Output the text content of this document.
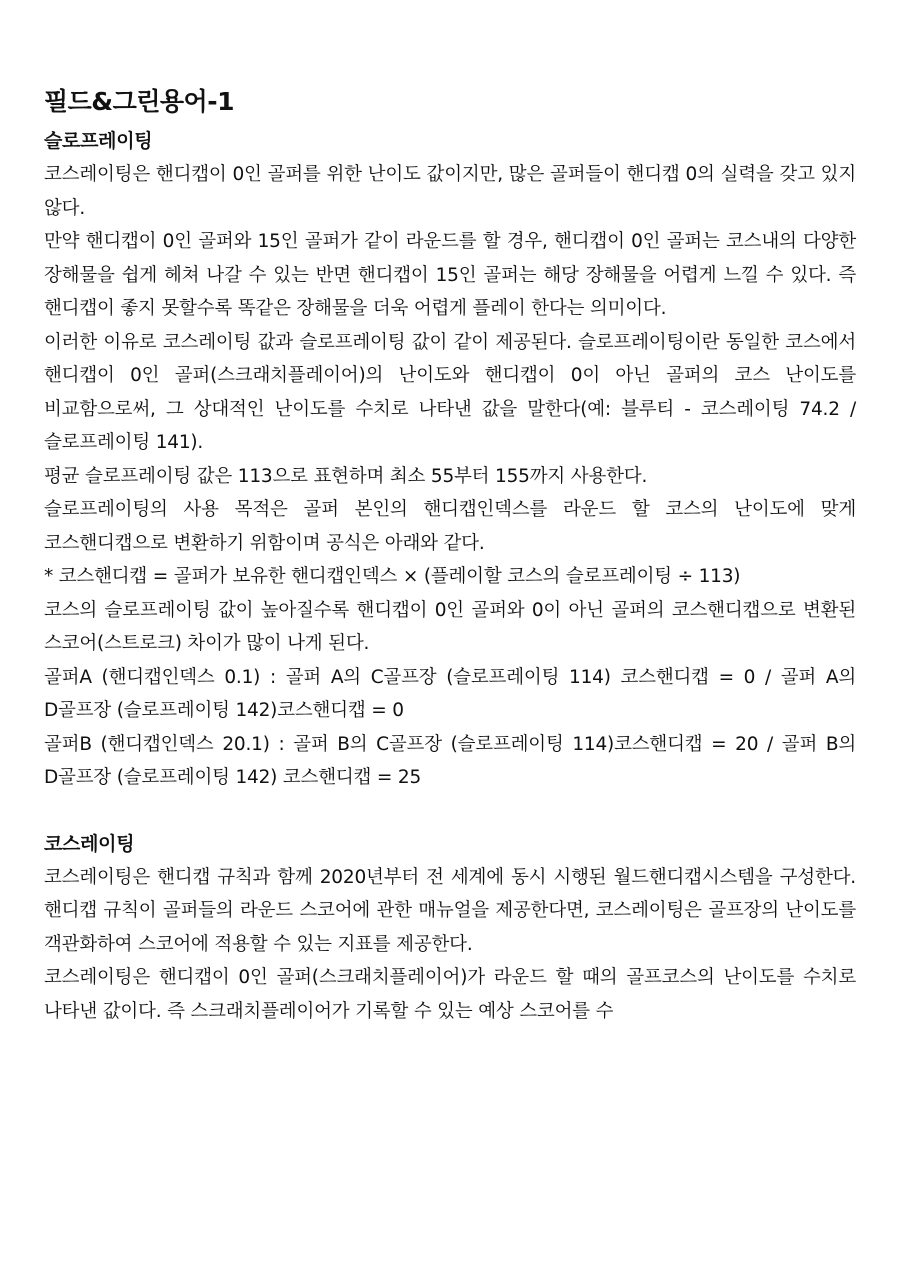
필드&그린용어-1
슬로프레이팅

코스레이팅은 핸디캡이 0인 골퍼를 위한 난이도 값이지만, 많은 골퍼들이 핸디캡 0의 실력을 갖고 있지 않다.

만약 핸디캡이 0인 골퍼와 15인 골퍼가 같이 라운드를 할 경우, 핸디캡이 0인 골퍼는 코스내의 다양한 장해물을 쉽게 헤쳐 나갈 수 있는 반면 핸디캡이 15인 골퍼는 해당 장해물을 어렵게 느낄 수 있다. 즉 핸디캡이 좋지 못할수록 똑같은 장해물을 더욱 어렵게 플레이 한다는 의미이다.

이러한 이유로 코스레이팅 값과 슬로프레이팅 값이 같이 제공된다. 슬로프레이팅이란 동일한 코스에서 핸디캡이 0인 골퍼(스크래치플레이어)의 난이도와 핸디캡이 0이 아닌 골퍼의 코스 난이도를 비교함으로써, 그 상대적인 난이도를 수치로 나타낸 값을 말한다(예: 블루티 - 코스레이팅 74.2 / 슬로프레이팅 141).

평균 슬로프레이팅 값은 113으로 표현하며 최소 55부터 155까지 사용한다.

슬로프레이팅의 사용 목적은 골퍼 본인의 핸디캡인덱스를 라운드 할 코스의 난이도에 맞게 코스핸디캡으로 변환하기 위함이며 공식은 아래와 같다.

* 코스핸디캡 = 골퍼가 보유한 핸디캡인덱스 × (플레이할 코스의 슬로프레이팅 ÷ 113)

코스의 슬로프레이팅 값이 높아질수록 핸디캡이 0인 골퍼와 0이 아닌 골퍼의 코스핸디캡으로 변환된 스코어(스트로크) 차이가 많이 나게 된다.

골퍼A (핸디캡인덱스 0.1) : 골퍼 A의 C골프장 (슬로프레이팅 114) 코스핸디캡 = 0 / 골퍼 A의 D골프장 (슬로프레이팅 142)코스핸디캡 = 0

골퍼B (핸디캡인덱스 20.1) : 골퍼 B의 C골프장 (슬로프레이팅 114)코스핸디캡 = 20 / 골퍼 B의 D골프장 (슬로프레이팅 142) 코스핸디캡 = 25

코스레이팅

코스레이팅은 핸디캡 규칙과 함께 2020년부터 전 세계에 동시 시행된 월드핸디캡시스템을 구성한다. 핸디캡 규칙이 골퍼들의 라운드 스코어에 관한 매뉴얼을 제공한다면, 코스레이팅은 골프장의 난이도를 객관화하여 스코어에 적용할 수 있는 지표를 제공한다.

코스레이팅은 핸디캡이 0인 골퍼(스크래치플레이어)가 라운드 할 때의 골프코스의 난이도를 수치로 나타낸 값이다. 즉 스크래치플레이어가 기록할 수 있는 예상 스코어를 수
